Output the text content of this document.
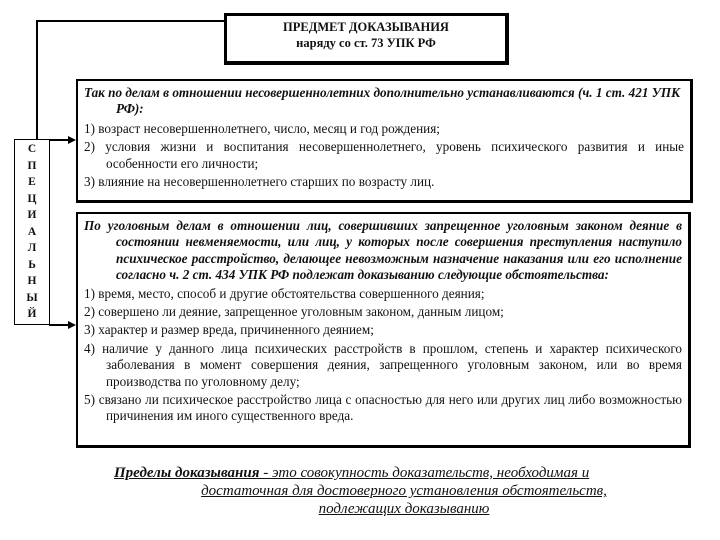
ПРЕДМЕТ ДОКАЗЫВАНИЯ
наряду со ст. 73 УПК РФ
С
П
Е
Ц
И
А
Л
Ь
Н
Ы
Й
Так по делам в отношении несовершеннолетних дополнительно устанавливаются (ч. 1 ст. 421 УПК РФ):
1) возраст несовершеннолетнего, число, месяц и год рождения;
2) условия жизни и воспитания несовершеннолетнего, уровень психического развития и иные особенности его личности;
3) влияние на несовершеннолетнего старших по возрасту лиц.
По уголовным делам в отношении лиц, совершивших запрещенное уголовным законом деяние в состоянии невменяемости, или лиц, у которых после совершения преступления наступило психическое расстройство, делающее невозможным назначение наказания или его исполнение согласно ч. 2 ст. 434 УПК РФ подлежат доказыванию следующие обстоятельства:
1) время, место, способ и другие обстоятельства совершенного деяния;
2) совершено ли деяние, запрещенное уголовным законом, данным лицом;
3) характер и размер вреда, причиненного деянием;
4) наличие у данного лица психических расстройств в прошлом, степень и характер психического заболевания в момент совершения деяния, запрещенного уголовным законом, или во время производства по уголовному делу;
5) связано ли психическое расстройство лица с опасностью для него или других лиц либо возможностью причинения им иного существенного вреда.
Пределы доказывания - это совокупность доказательств, необходимая и
достаточная для достоверного установления обстоятельств,
подлежащих доказыванию
